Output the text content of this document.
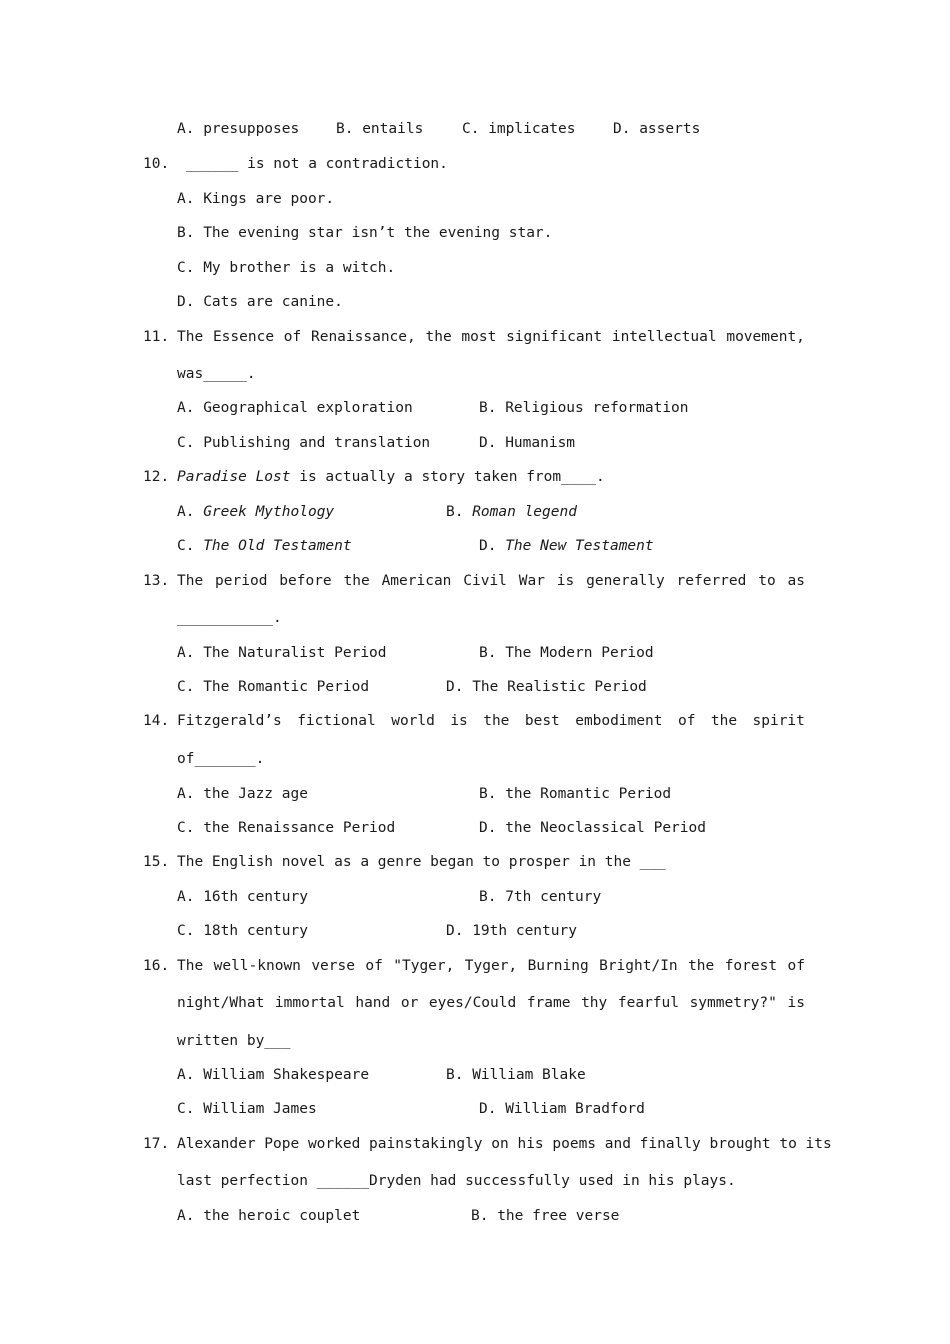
A. presupposes	B. entails	C. implicates	D. asserts
10. ______ is not a contradiction.
A. Kings are poor.
B. The evening star isn’t the evening star.
C. My brother is a witch.
D. Cats are canine.
11. The Essence of Renaissance, the most significant intellectual movement,
was_____.
A. Geographical exploration	B. Religious reformation
C. Publishing and translation	D. Humanism
12. Paradise Lost is actually a story taken from____.
A. Greek Mythology	B. Roman legend
C. The Old Testament	D. The New Testament
13. The period before the American Civil War is generally referred to as
___________.
A. The Naturalist Period	B. The Modern Period
C. The Romantic Period	D. The Realistic Period
14. Fitzgerald’s fictional world is the best embodiment of the spirit
of_______.
A. the Jazz age	B. the Romantic Period
C. the Renaissance Period	D. the Neoclassical Period
15. The English novel as a genre began to prosper in the ___
A. 16th century	B. 7th century
C. 18th century	D. 19th century
16. The well-known verse of "Tyger, Tyger, Burning Bright/In the forest of
night/What immortal hand or eyes/Could frame thy fearful symmetry?" is
written by___
A. William Shakespeare	B. William Blake
C. William James	D. William Bradford
17. Alexander Pope worked painstakingly on his poems and finally brought to its
last perfection ______Dryden had successfully used in his plays.
A. the heroic couplet	B. the free verse
